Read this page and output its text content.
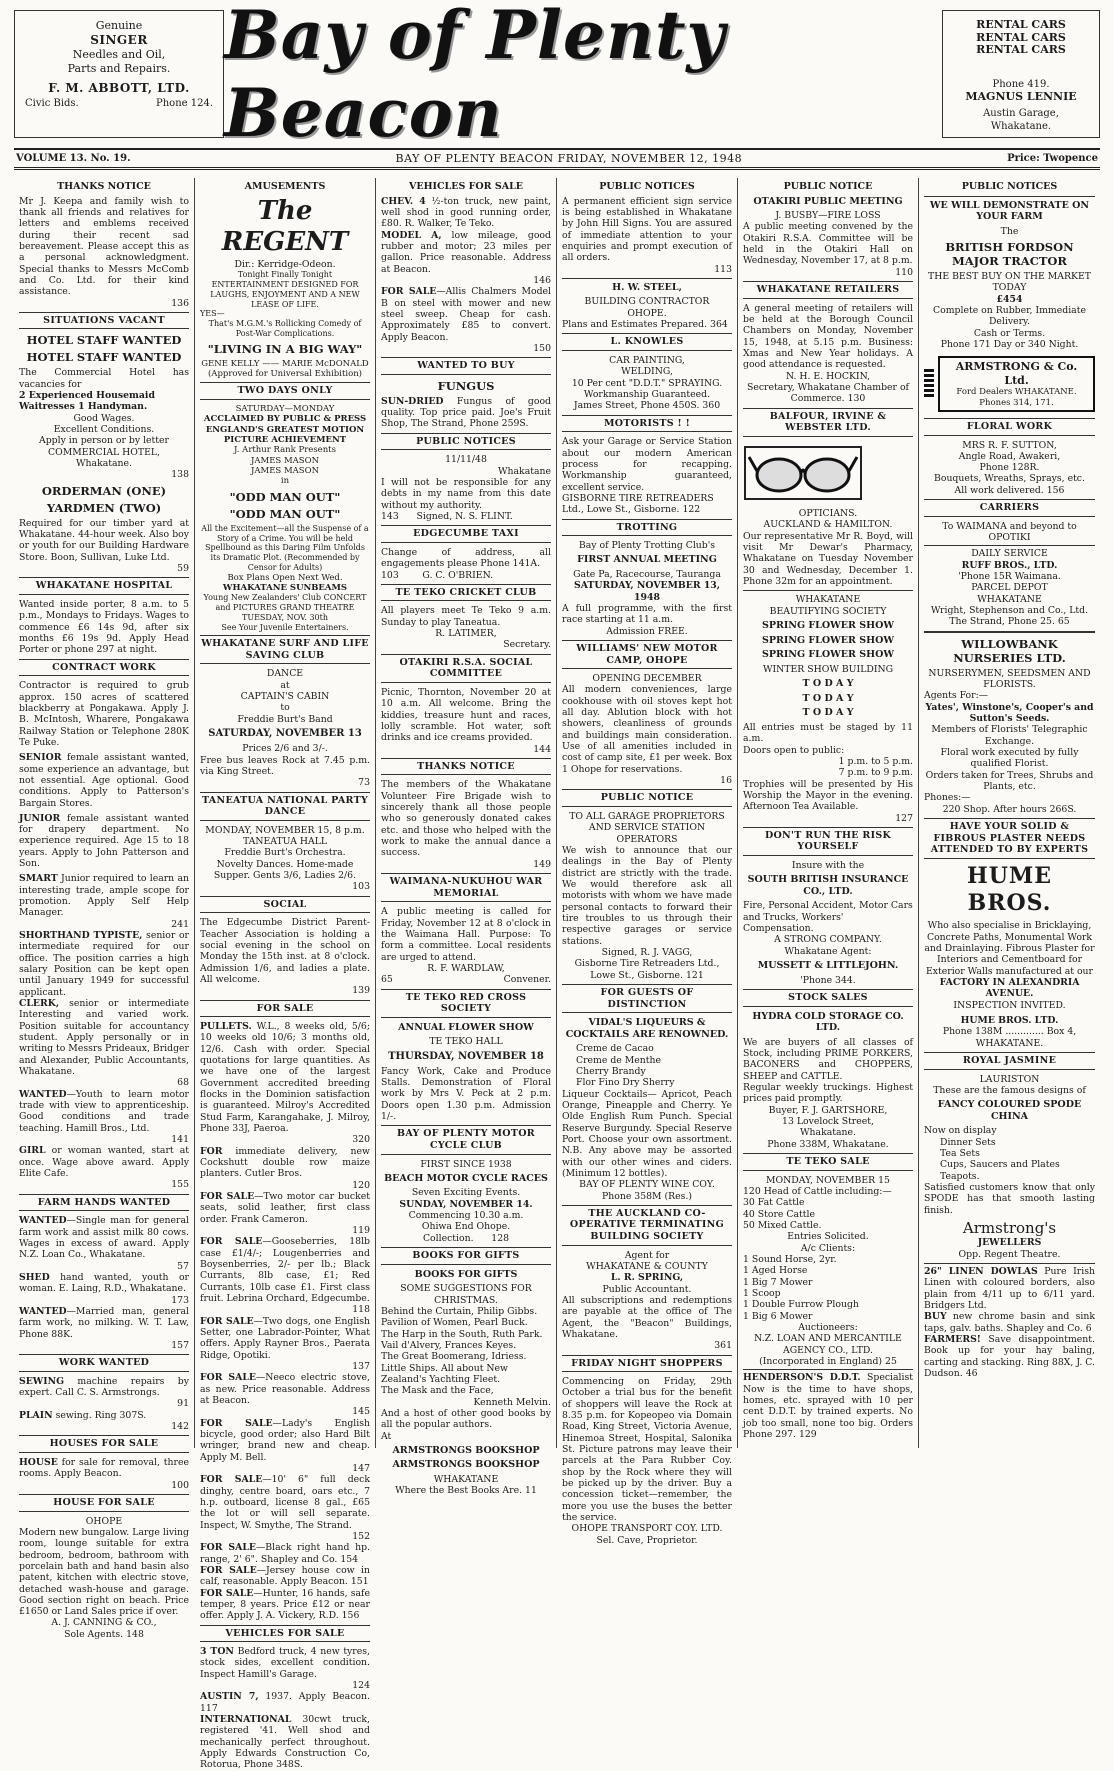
Genuine
SINGER
Needles and Oil,
Parts and Repairs.
F. M. ABBOTT, LTD.
Civic Bids.	Phone 124.
Bay of Plenty Beacon
RENTAL CARS
RENTAL CARS
RENTAL CARS
Phone 419.
MAGNUS LENNIE
Austin Garage, Whakatane.
VOLUME 13. No. 19.	BAY OF PLENTY BEACON FRIDAY, NOVEMBER 12, 1948	Price: Twopence
THANKS NOTICE
Mr J. Keepa and family wish to thank all friends and relatives for letters and emblems received during their recent sad bereavement. Please accept this as a personal acknowledgment. Special thanks to Messrs McComb and Co. Ltd. for their kind assistance.
136
SITUATIONS VACANT
HOTEL STAFF WANTED
HOTEL STAFF WANTED
The Commercial Hotel has vacancies for
2 Experienced Housemaid Waitresses 1 Handyman.
Good Wages.
Excellent Conditions.
Apply in person or by letter
COMMERCIAL HOTEL,
Whakatane.
138
ORDERMAN (ONE)
YARDMEN (TWO)
Required for our timber yard at Whakatane. 44-hour week. Also boy or youth for our Building Hardware Store. Boon, Sullivan, Luke Ltd.
59
WHAKATANE HOSPITAL
Wanted inside porter, 8 a.m. to 5 p.m., Mondays to Fridays. Wages to commence £6 14s 9d, after six months £6 19s 9d. Apply Head Porter or phone 297 at night.
CONTRACT WORK
Contractor is required to grub approx. 150 acres of scattered blackberry at Pongakawa. Apply J. B. McIntosh, Wharere, Pongakawa Railway Station or Telephone 280K Te Puke.
SENIOR female assistant wanted, some experience an advantage, but not essential. Age optional. Good conditions. Apply to Patterson's Bargain Stores.
JUNIOR female assistant wanted for drapery department. No experience required. Age 15 to 18 years. Apply to John Patterson and Son.
SMART Junior required to learn an interesting trade, ample scope for promotion. Apply Self Help Manager.
241
SHORTHAND TYPISTE, senior or intermediate required for our office. The position carries a high salary Position can be kept open until January 1949 for successful applicant.
CLERK, senior or intermediate Interesting and varied work. Position suitable for accountancy student. Apply personally or in writing to Messrs Prideaux, Bridger and Alexander, Public Accountants, Whakatane.
68
WANTED—Youth to learn motor trade with view to apprenticeship. Good conditions and trade teaching. Hamill Bros., Ltd.
141
GIRL or woman wanted, start at once. Wage above award. Apply Elite Cafe.
155
FARM HANDS WANTED
WANTED—Single man for general farm work and assist milk 80 cows. Wages in excess of award. Apply N.Z. Loan Co., Whakatane.
57
SHED hand wanted, youth or woman. E. Laing, R.D., Whakatane.
173
WANTED—Married man, general farm work, no milking. W. T. Law, Phone 88K.
157
WORK WANTED
SEWING machine repairs by expert. Call C. S. Armstrongs.
91
PLAIN sewing. Ring 307S.
142
HOUSES FOR SALE
HOUSE for sale for removal, three rooms. Apply Beacon.
100
HOUSE FOR SALE
OHOPE
Modern new bungalow. Large living room, lounge suitable for extra bedroom, bedroom, bathroom with porcelain bath and hand basin also patent, kitchen with electric stove, detached wash-house and garage. Good section right on beach. Price £1650 or Land Sales price if over.
A. J. CANNING & CO.,
Sole Agents. 148
AMUSEMENTS
The REGENT
Dir.: Kerridge-Odeon.
Tonight Finally Tonight
ENTERTAINMENT DESIGNED FOR LAUGHS, ENJOYMENT AND A NEW LEASE OF LIFE.
YES—
That's M.G.M.'s Rollicking Comedy of Post-War Complications.
"LIVING IN A BIG WAY"
GENE KELLY —— MARIE McDONALD
(Approved for Universal Exhibition)
TWO DAYS ONLY
SATURDAY—MONDAY
ACCLAIMED BY PUBLIC & PRESS ENGLAND'S GREATEST MOTION PICTURE ACHIEVEMENT
J. Arthur Rank Presents
JAMES MASON
JAMES MASON
in
"ODD MAN OUT"
"ODD MAN OUT"
All the Excitement—all the Suspense of a Story of a Crime. You will be held Spellbound as this Daring Film Unfolds its Dramatic Plot. (Recommended by Censor for Adults)
Box Plans Open Next Wed.
WHAKATANE SUNBEAMS
Young New Zealanders' Club CONCERT and PICTURES GRAND THEATRE TUESDAY, NOV. 30th
See Your Juvenile Entertainers.
WHAKATANE SURF AND LIFE SAVING CLUB
DANCE
at
CAPTAIN'S CABIN
to
Freddie Burt's Band
SATURDAY, NOVEMBER 13
Prices 2/6 and 3/-.
Free bus leaves Rock at 7.45 p.m. via King Street.
73
TANEATUA NATIONAL PARTY DANCE
MONDAY, NOVEMBER 15, 8 p.m.
TANEATUA HALL
Freddie Burt's Orchestra.
Novelty Dances. Home-made Supper. Gents 3/6, Ladies 2/6.
103
SOCIAL
The Edgecumbe District Parent-Teacher Association is holding a social evening in the school on Monday the 15th inst. at 8 o'clock. Admission 1/6, and ladies a plate. All welcome.
139
FOR SALE
PULLETS. W.L., 8 weeks old, 5/6; 10 weeks old 10/6; 3 months old, 12/6. Cash with order. Special quotations for large quantities. As we have one of the largest Government accredited breeding flocks in the Dominion satisfaction is guaranteed. Milroy's Accredited Stud Farm, Karangahake, J. Milroy, Phone 33J, Paeroa.
320
FOR immediate delivery, new Cockshutt double row maize planters. Cutler Bros.
120
FOR SALE—Two motor car bucket seats, solid leather, first class order. Frank Cameron.
119
FOR SALE—Gooseberries, 18lb case £1/4/-; Lougenberries and Boysenberries, 2/- per lb.; Black Currants, 8lb case, £1; Red Currants, 10lb case £1. First class fruit. Lebrina Orchard, Edgecumbe.
118
FOR SALE—Two dogs, one English Setter, one Labrador-Pointer, What offers. Apply Rayner Bros., Paerata Ridge, Opotiki.
137
FOR SALE—Neeco electric stove, as new. Price reasonable. Address at Beacon.
145
FOR SALE—Lady's English bicycle, good order; also Hard Bilt wringer, brand new and cheap. Apply M. Bell.
147
FOR SALE—10' 6" full deck dinghy, centre board, oars etc., 7 h.p. outboard, license 8 gal., £65 the lot or will sell separate. Inspect, W. Smythe, The Strand.
152
FOR SALE—Black right hand hp. range, 2' 6". Shapley and Co. 154
FOR SALE—Jersey house cow in calf, reasonable. Apply Beacon. 151
FOR SALE—Hunter, 16 hands, safe temper, 8 years. Price £12 or near offer. Apply J. A. Vickery, R.D. 156
VEHICLES FOR SALE
3 TON Bedford truck, 4 new tyres, stock sides, excellent condition. Inspect Hamill's Garage.
124
AUSTIN 7, 1937. Apply Beacon. 117
INTERNATIONAL 30cwt truck, registered '41. Well shod and mechanically perfect throughout. Apply Edwards Construction Co, Rotorua, Phone 348S.
VEHICLES FOR SALE
CHEV. 4 ½-ton truck, new paint, well shod in good running order, £80. R. Walker, Te Teko.
MODEL A, low mileage, good rubber and motor; 23 miles per gallon. Price reasonable. Address at Beacon.
146
FOR SALE—Allis Chalmers Model B on steel with mower and new steel sweep. Cheap for cash. Approximately £85 to convert. Apply Beacon.
150
WANTED TO BUY
FUNGUS
SUN-DRIED Fungus of good quality. Top price paid. Joe's Fruit Shop, The Strand, Phone 259S.
PUBLIC NOTICES
11/11/48
Whakatane
I will not be responsible for any debts in my name from this date without my authority.
143 Signed, N. S. FLINT.
EDGECUMBE TAXI
Change of address, all engagements please Phone 141A.
103	G. C. O'BRIEN.
TE TEKO CRICKET CLUB
All players meet Te Teko 9 a.m. Sunday to play Taneatua.
R. LATIMER,
Secretary.
OTAKIRI R.S.A. SOCIAL COMMITTEE
Picnic, Thornton, November 20 at 10 a.m. All welcome. Bring the kiddies, treasure hunt and races, lolly scramble. Hot water, soft drinks and ice creams provided.
144
THANKS NOTICE
The members of the Whakatane Volunteer Fire Brigade wish to sincerely thank all those people who so generously donated cakes etc. and those who helped with the work to make the annual dance a success.
149
WAIMANA-NUKUHOU WAR MEMORIAL
A public meeting is called for Friday, November 12 at 8 o'clock in the Waimana Hall. Purpose: To form a committee. Local residents are urged to attend.
R. F. WARDLAW,
65	Convener.
TE TEKO RED CROSS SOCIETY
ANNUAL FLOWER SHOW
TE TEKO HALL
THURSDAY, NOVEMBER 18
Fancy Work, Cake and Produce Stalls. Demonstration of Floral work by Mrs V. Peck at 2 p.m. Doors open 1.30 p.m. Admission 1/-.
BAY OF PLENTY MOTOR CYCLE CLUB
FIRST SINCE 1938
BEACH MOTOR CYCLE RACES
Seven Exciting Events.
SUNDAY, NOVEMBER 14.
Commencing 10.30 a.m.
Ohiwa End Ohope.
Collection. 128
BOOKS FOR GIFTS
BOOKS FOR GIFTS
SOME SUGGESTIONS FOR CHRISTMAS.
Behind the Curtain, Philip Gibbs.
Pavilion of Women, Pearl Buck.
The Harp in the South, Ruth Park.
Vail d'Alvery, Frances Keyes.
The Great Boomerang, Idriess.
Little Ships. All about New Zealand's Yachting Fleet.
The Mask and the Face,
Kenneth Melvin.
And a host of other good books by all the popular authors.
At
ARMSTRONGS BOOKSHOP
ARMSTRONGS BOOKSHOP
WHAKATANE
Where the Best Books Are. 11
PUBLIC NOTICES
A permanent efficient sign service is being established in Whakatane by John Hill Signs. You are assured of immediate attention to your enquiries and prompt execution of all orders.
113
H. W. STEEL,
BUILDING CONTRACTOR
OHOPE.
Plans and Estimates Prepared. 364
L. KNOWLES
CAR PAINTING,
WELDING,
10 Per cent "D.D.T." SPRAYING.
Workmanship Guaranteed.
James Street, Phone 450S. 360
MOTORISTS ! !
Ask your Garage or Service Station about our modern American process for recapping. Workmanship guaranteed, excellent service.
GISBORNE TIRE RETREADERS Ltd., Lowe St., Gisborne. 122
TROTTING
Bay of Plenty Trotting Club's
FIRST ANNUAL MEETING
Gate Pa, Racecourse, Tauranga
SATURDAY, NOVEMBER 13, 1948
A full programme, with the first race starting at 11 a.m.
Admission FREE.
WILLIAMS' NEW MOTOR CAMP, OHOPE
OPENING DECEMBER
All modern conveniences, large cookhouse with oil stoves kept hot all day. Ablution block with hot showers, cleanliness of grounds and buildings main consideration. Use of all amenities included in cost of camp site, £1 per week. Box 1 Ohope for reservations.
16
PUBLIC NOTICE
TO ALL GARAGE PROPRIETORS AND SERVICE STATION OPERATORS
We wish to announce that our dealings in the Bay of Plenty district are strictly with the trade. We would therefore ask all motorists with whom we have made personal contacts to forward their tire troubles to us through their respective garages or service stations.
Signed, R. J. VAGG,
Gisborne Tire Retreaders Ltd., Lowe St., Gisborne. 121
FOR GUESTS OF DISTINCTION
VIDAL'S LIQUEURS & COCKTAILS ARE RENOWNED.
Creme de Cacao
Creme de Menthe
Cherry Brandy
Flor Fino Dry Sherry
Liqueur Cocktails— Apricot, Peach Orange, Pineapple and Cherry. Ye Olde English Rum Punch. Special Reserve Burgundy. Special Reserve Port. Choose your own assortment. N.B. Any above may be assorted with our other wines and ciders. (Minimum 12 bottles).
BAY OF PLENTY WINE COY.
Phone 358M (Res.)
THE AUCKLAND CO-OPERATIVE TERMINATING BUILDING SOCIETY
Agent for
WHAKATANE & COUNTY
L. R. SPRING,
Public Accountant.
All subscriptions and redemptions are payable at the office of The Agent, the "Beacon" Buildings, Whakatane.
361
FRIDAY NIGHT SHOPPERS
Commencing on Friday, 29th October a trial bus for the benefit of shoppers will leave the Rock at 8.35 p.m. for Kopeopeo via Domain Road, King Street, Victoria Avenue, Hinemoa Street, Hospital, Salonika St. Picture patrons may leave their parcels at the Para Rubber Coy. shop by the Rock where they will be picked up by the driver. Buy a concession ticket—remember, the more you use the buses the better the service.
OHOPE TRANSPORT COY. LTD.
Sel. Cave, Proprietor.
PUBLIC NOTICE
OTAKIRI PUBLIC MEETING
J. BUSBY—FIRE LOSS
A public meeting convened by the Otakiri R.S.A. Committee will be held in the Otakiri Hall on Wednesday, November 17, at 8 p.m.
110
WHAKATANE RETAILERS
A general meeting of retailers will be held at the Borough Council Chambers on Monday, November 15, 1948, at 5.15 p.m. Business: Xmas and New Year holidays. A good attendance is requested.
N. H. E. HOCKIN,
Secretary, Whakatane Chamber of Commerce. 130
BALFOUR, IRVINE & WEBSTER LTD.
OPTICIANS.
AUCKLAND & HAMILTON.
Our representative Mr R. Boyd, will visit Mr Dewar's Pharmacy, Whakatane on Tuesday November 30 and Wednesday, December 1. Phone 32m for an appointment.
WHAKATANE
BEAUTIFYING SOCIETY
SPRING FLOWER SHOW
SPRING FLOWER SHOW
SPRING FLOWER SHOW
WINTER SHOW BUILDING
T O D A Y
T O D A Y
T O D A Y
All entries must be staged by 11 a.m.
Doors open to public:
1 p.m. to 5 p.m.
7 p.m. to 9 p.m.
Trophies will be presented by His Worship the Mayor in the evening. Afternoon Tea Available.
127
DON'T RUN THE RISK YOURSELF
Insure with the
SOUTH BRITISH INSURANCE CO., LTD.
Fire, Personal Accident, Motor Cars and Trucks, Workers' Compensation.
A STRONG COMPANY.
Whakatane Agent:
MUSSETT & LITTLEJOHN.
'Phone 344.
STOCK SALES
HYDRA COLD STORAGE CO. LTD.
We are buyers of all classes of Stock, including PRIME PORKERS, BACONERS and CHOPPERS, SHEEP and CATTLE.
Regular weekly truckings. Highest prices paid promptly.
Buyer, F. J. GARTSHORE,
13 Lovelock Street,
Whakatane.
Phone 338M, Whakatane.
TE TEKO SALE
MONDAY, NOVEMBER 15
120 Head of Cattle including:—
30 Fat Cattle
40 Store Cattle
50 Mixed Cattle.
Entries Solicited.
A/c Clients:
1 Sound Horse, 2yr.
1 Aged Horse
1 Big 7 Mower
1 Scoop
1 Double Furrow Plough
1 Big 6 Mower
Auctioneers:
N.Z. LOAN AND MERCANTILE AGENCY CO., LTD.
(Incorporated in England) 25
HENDERSON'S D.D.T. Specialist Now is the time to have shops, homes, etc. sprayed with 10 per cent D.D.T. by trained experts. No job too small, none too big. Orders Phone 297. 129
PUBLIC NOTICES
WE WILL DEMONSTRATE ON YOUR FARM
The
BRITISH FORDSON MAJOR TRACTOR
THE BEST BUY ON THE MARKET TODAY
£454
Complete on Rubber, Immediate Delivery.
Cash or Terms.
Phone 171 Day or 340 Night.
ARMSTRONG & Co. Ltd.
Ford Dealers WHAKATANE.
Phones 314, 171.
FLORAL WORK
MRS R. F. SUTTON,
Angle Road, Awakeri,
Phone 128R.
Bouquets, Wreaths, Sprays, etc.
All work delivered. 156
CARRIERS
To WAIMANA and beyond to OPOTIKI
DAILY SERVICE
RUFF BROS., LTD.
'Phone 15R Waimana.
PARCEL DEPOT
WHAKATANE
Wright, Stephenson and Co., Ltd. The Strand, Phone 25. 65
WILLOWBANK NURSERIES LTD.
NURSERYMEN, SEEDSMEN AND FLORISTS.
Agents For:—
Yates', Winstone's, Cooper's and Sutton's Seeds.
Members of Florists' Telegraphic Exchange.
Floral work executed by fully qualified Florist.
Orders taken for Trees, Shrubs and Plants, etc.
Phones:—
220 Shop. After hours 266S.
HAVE YOUR SOLID & FIBROUS PLASTER NEEDS ATTENDED TO BY EXPERTS
HUME BROS.
Who also specialise in Bricklaying, Concrete Paths, Monumental Work and Drainlaying. Fibrous Plaster for Interiors and Cementboard for Exterior Walls manufactured at our
FACTORY IN ALEXANDRIA AVENUE.
INSPECTION INVITED.
HUME BROS. LTD.
Phone 138M ............. Box 4,
WHAKATANE.
ROYAL JASMINE
LAURISTON
These are the famous designs of
FANCY COLOURED SPODE CHINA
Now on display
Dinner Sets
Tea Sets
Cups, Saucers and Plates
Teapots.
Satisfied customers know that only SPODE has that smooth lasting finish.
Armstrong's
JEWELLERS
Opp. Regent Theatre.
26" LINEN DOWLAS Pure Irish Linen with coloured borders, also plain from 4/11 up to 6/11 yard. Bridgers Ltd.
BUY new chrome basin and sink taps, galv. baths. Shapley and Co. 6
FARMERS! Save disappointment. Book up for your hay baling, carting and stacking. Ring 88X, J. C. Dudson. 46
